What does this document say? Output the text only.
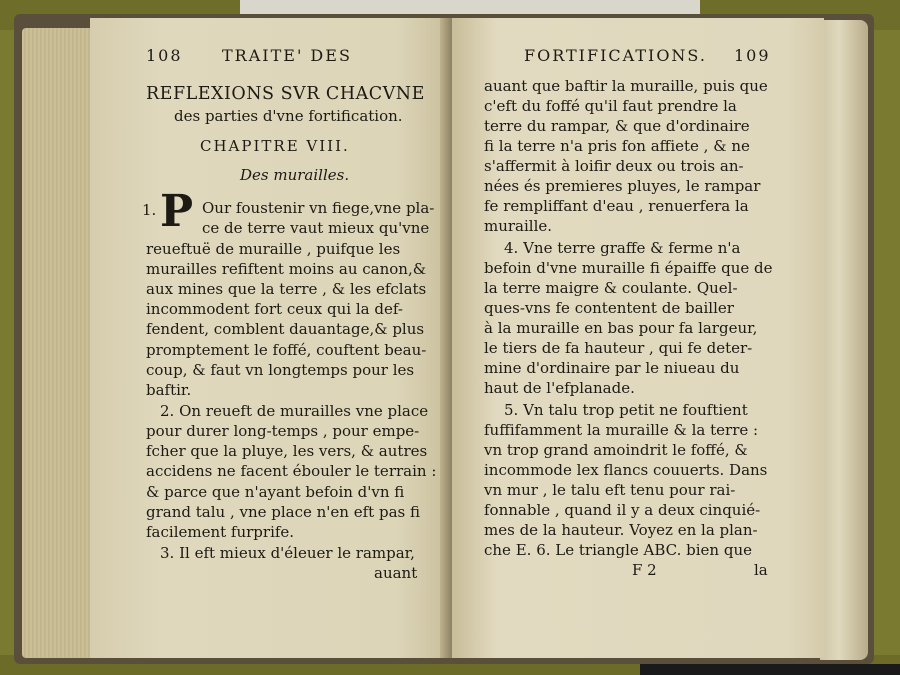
108 TRAITE' DES
REFLEXIONS SVR CHACVNE
des parties d'vne fortification.
CHAPITRE VIII.
Des murailles.
1. P Our foustenir vn fiege,vne pla-
ce de terre vaut mieux qu'vne
reueftuë de muraille , puifque les
murailles refiftent moins au canon,&
aux mines que la terre , & les efclats
incommodent fort ceux qui la def-
fendent, comblent dauantage,& plus
promptement le foffé, couftent beau-
coup, & faut vn longtemps pour les
baftir.
2. On reueft de murailles vne place
pour durer long-temps , pour empe-
fcher que la pluye, les vers, & autres
accidens ne facent ébouler le terrain :
& parce que n'ayant befoin d'vn fi
grand talu , vne place n'en eft pas fi
facilement furprife.
3. Il eft mieux d'éleuer le rampar,
auant
FORTIFICATIONS. 109
auant que baftir la muraille, puis que
c'eft du foffé qu'il faut prendre la
terre du rampar, & que d'ordinaire
fi la terre n'a pris fon affiete , & ne
s'affermit à loifir deux ou trois an-
nées és premieres pluyes, le rampar
fe rempliffant d'eau , renuerfera la
muraille.
4. Vne terre graffe & ferme n'a
befoin d'vne muraille fi épaiffe que de
la terre maigre & coulante. Quel-
ques-vns fe contentent de bailler
à la muraille en bas pour fa largeur,
le tiers de fa hauteur , qui fe deter-
mine d'ordinaire par le niueau du
haut de l'efplanade.
5. Vn talu trop petit ne fouftient
fuffifamment la muraille & la terre :
vn trop grand amoindrit le foffé, &
incommode lex flancs couuerts. Dans
vn mur , le talu eft tenu pour rai-
fonnable , quand il y a deux cinquié-
mes de la hauteur. Voyez en la plan-
che E. 6. Le triangle ABC. bien que
F 2	la
